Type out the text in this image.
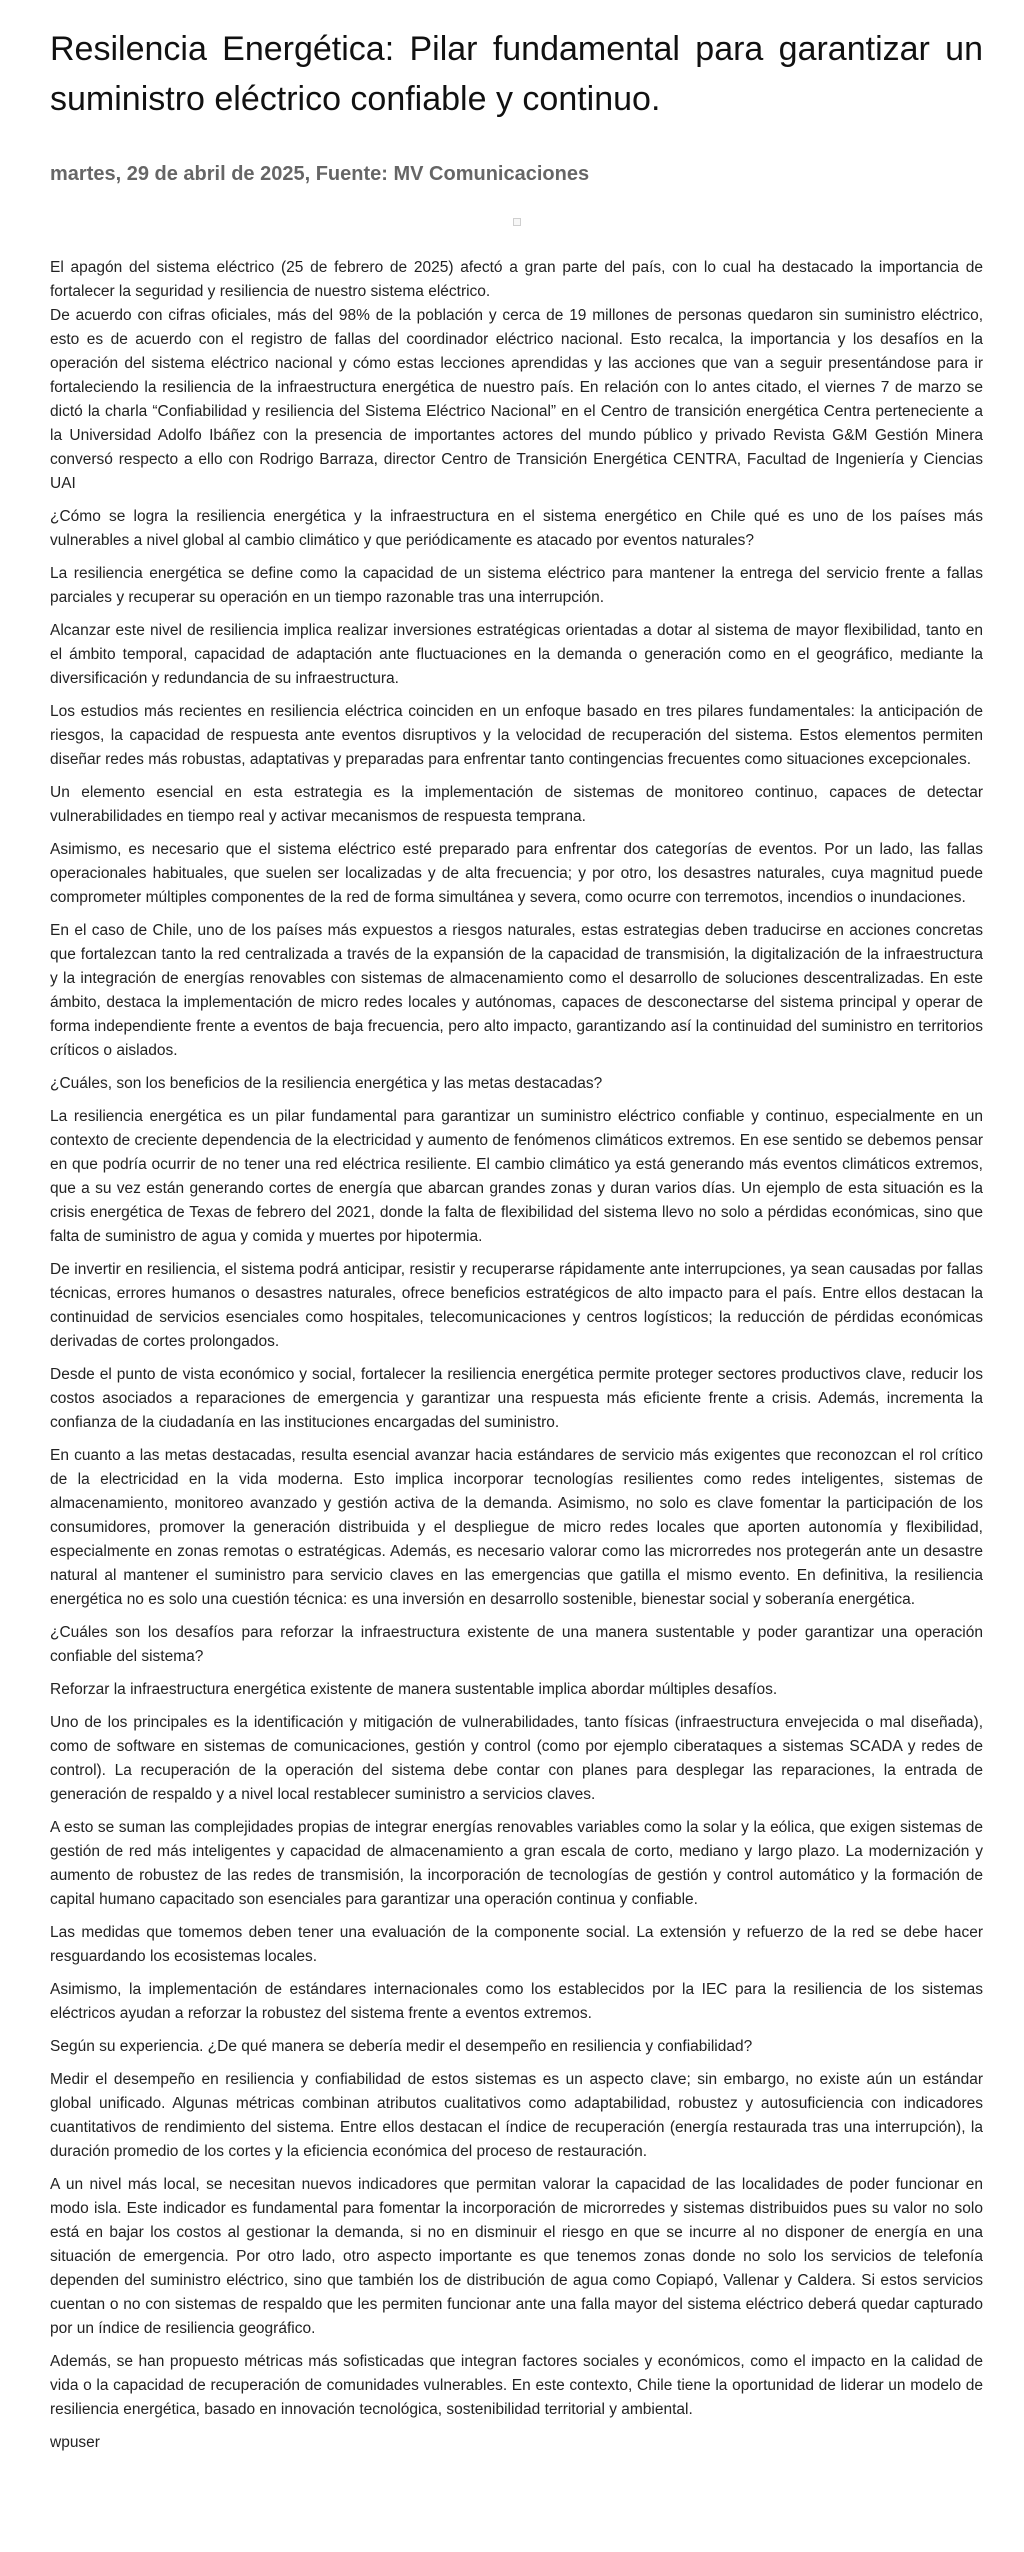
Resilencia Energética: Pilar fundamental para garantizar un suministro eléctrico confiable y continuo.
martes, 29 de abril de 2025, Fuente: MV Comunicaciones

El apagón del sistema eléctrico (25 de febrero de 2025) afectó a gran parte del país, con lo cual ha destacado la importancia de fortalecer la seguridad y resiliencia de nuestro sistema eléctrico.

De acuerdo con cifras oficiales, más del 98% de la población y cerca de 19 millones de personas quedaron sin suministro eléctrico, esto es de acuerdo con el registro de fallas del coordinador eléctrico nacional. Esto recalca, la importancia y los desafíos en la operación del sistema eléctrico nacional y cómo estas lecciones aprendidas y las acciones que van a seguir presentándose para ir fortaleciendo la resiliencia de la infraestructura energética de nuestro país. En relación con lo antes citado, el viernes 7 de marzo se dictó la charla “Confiabilidad y resiliencia del Sistema Eléctrico Nacional” en el Centro de transición energética Centra perteneciente a la Universidad Adolfo Ibáñez con la presencia de importantes actores del mundo público y privado Revista G&M Gestión Minera conversó respecto a ello con Rodrigo Barraza, director Centro de Transición Energética CENTRA, Facultad de Ingeniería y Ciencias UAI

¿Cómo se logra la resiliencia energética y la infraestructura en el sistema energético en Chile qué es uno de los países más vulnerables a nivel global al cambio climático y que periódicamente es atacado por eventos naturales?

La resiliencia energética se define como la capacidad de un sistema eléctrico para mantener la entrega del servicio frente a fallas parciales y recuperar su operación en un tiempo razonable tras una interrupción.

Alcanzar este nivel de resiliencia implica realizar inversiones estratégicas orientadas a dotar al sistema de mayor flexibilidad, tanto en el ámbito temporal, capacidad de adaptación ante fluctuaciones en la demanda o generación como en el geográfico, mediante la diversificación y redundancia de su infraestructura.

Los estudios más recientes en resiliencia eléctrica coinciden en un enfoque basado en tres pilares fundamentales: la anticipación de riesgos, la capacidad de respuesta ante eventos disruptivos y la velocidad de recuperación del sistema. Estos elementos permiten diseñar redes más robustas, adaptativas y preparadas para enfrentar tanto contingencias frecuentes como situaciones excepcionales.

Un elemento esencial en esta estrategia es la implementación de sistemas de monitoreo continuo, capaces de detectar vulnerabilidades en tiempo real y activar mecanismos de respuesta temprana.

Asimismo, es necesario que el sistema eléctrico esté preparado para enfrentar dos categorías de eventos. Por un lado, las fallas operacionales habituales, que suelen ser localizadas y de alta frecuencia; y por otro, los desastres naturales, cuya magnitud puede comprometer múltiples componentes de la red de forma simultánea y severa, como ocurre con terremotos, incendios o inundaciones.

En el caso de Chile, uno de los países más expuestos a riesgos naturales, estas estrategias deben traducirse en acciones concretas que fortalezcan tanto la red centralizada a través de la expansión de la capacidad de transmisión, la digitalización de la infraestructura y la integración de energías renovables con sistemas de almacenamiento como el desarrollo de soluciones descentralizadas. En este ámbito, destaca la implementación de micro redes locales y autónomas, capaces de desconectarse del sistema principal y operar de forma independiente frente a eventos de baja frecuencia, pero alto impacto, garantizando así la continuidad del suministro en territorios críticos o aislados.

¿Cuáles, son los beneficios de la resiliencia energética y las metas destacadas?

La resiliencia energética es un pilar fundamental para garantizar un suministro eléctrico confiable y continuo, especialmente en un contexto de creciente dependencia de la electricidad y aumento de fenómenos climáticos extremos. En ese sentido se debemos pensar en que podría ocurrir de no tener una red eléctrica resiliente. El cambio climático ya está generando más eventos climáticos extremos, que a su vez están generando cortes de energía que abarcan grandes zonas y duran varios días. Un ejemplo de esta situación es la crisis energética de Texas de febrero del 2021, donde la falta de flexibilidad del sistema llevo no solo a pérdidas económicas, sino que falta de suministro de agua y comida y muertes por hipotermia.

De invertir en resiliencia, el sistema podrá anticipar, resistir y recuperarse rápidamente ante interrupciones, ya sean causadas por fallas técnicas, errores humanos o desastres naturales, ofrece beneficios estratégicos de alto impacto para el país. Entre ellos destacan la continuidad de servicios esenciales como hospitales, telecomunicaciones y centros logísticos; la reducción de pérdidas económicas derivadas de cortes prolongados.

Desde el punto de vista económico y social, fortalecer la resiliencia energética permite proteger sectores productivos clave, reducir los costos asociados a reparaciones de emergencia y garantizar una respuesta más eficiente frente a crisis. Además, incrementa la confianza de la ciudadanía en las instituciones encargadas del suministro.

En cuanto a las metas destacadas, resulta esencial avanzar hacia estándares de servicio más exigentes que reconozcan el rol crítico de la electricidad en la vida moderna. Esto implica incorporar tecnologías resilientes como redes inteligentes, sistemas de almacenamiento, monitoreo avanzado y gestión activa de la demanda. Asimismo, no solo es clave fomentar la participación de los consumidores, promover la generación distribuida y el despliegue de micro redes locales que aporten autonomía y flexibilidad, especialmente en zonas remotas o estratégicas. Además, es necesario valorar como las microrredes nos protegerán ante un desastre natural al mantener el suministro para servicio claves en las emergencias que gatilla el mismo evento. En definitiva, la resiliencia energética no es solo una cuestión técnica: es una inversión en desarrollo sostenible, bienestar social y soberanía energética.

¿Cuáles son los desafíos para reforzar la infraestructura existente de una manera sustentable y poder garantizar una operación confiable del sistema?

Reforzar la infraestructura energética existente de manera sustentable implica abordar múltiples desafíos.

Uno de los principales es la identificación y mitigación de vulnerabilidades, tanto físicas (infraestructura envejecida o mal diseñada), como de software en sistemas de comunicaciones, gestión y control (como por ejemplo ciberataques a sistemas SCADA y redes de control). La recuperación de la operación del sistema debe contar con planes para desplegar las reparaciones, la entrada de generación de respaldo y a nivel local restablecer suministro a servicios claves.

A esto se suman las complejidades propias de integrar energías renovables variables como la solar y la eólica, que exigen sistemas de gestión de red más inteligentes y capacidad de almacenamiento a gran escala de corto, mediano y largo plazo. La modernización y aumento de robustez de las redes de transmisión, la incorporación de tecnologías de gestión y control automático y la formación de capital humano capacitado son esenciales para garantizar una operación continua y confiable.

Las medidas que tomemos deben tener una evaluación de la componente social. La extensión y refuerzo de la red se debe hacer resguardando los ecosistemas locales.

Asimismo, la implementación de estándares internacionales como los establecidos por la IEC para la resiliencia de los sistemas eléctricos ayudan a reforzar la robustez del sistema frente a eventos extremos.

Según su experiencia. ¿De qué manera se debería medir el desempeño en resiliencia y confiabilidad?

Medir el desempeño en resiliencia y confiabilidad de estos sistemas es un aspecto clave; sin embargo, no existe aún un estándar global unificado. Algunas métricas combinan atributos cualitativos como adaptabilidad, robustez y autosuficiencia con indicadores cuantitativos de rendimiento del sistema. Entre ellos destacan el índice de recuperación (energía restaurada tras una interrupción), la duración promedio de los cortes y la eficiencia económica del proceso de restauración.

A un nivel más local, se necesitan nuevos indicadores que permitan valorar la capacidad de las localidades de poder funcionar en modo isla. Este indicador es fundamental para fomentar la incorporación de microrredes y sistemas distribuidos pues su valor no solo está en bajar los costos al gestionar la demanda, si no en disminuir el riesgo en que se incurre al no disponer de energía en una situación de emergencia. Por otro lado, otro aspecto importante es que tenemos zonas donde no solo los servicios de telefonía dependen del suministro eléctrico, sino que también los de distribución de agua como Copiapó, Vallenar y Caldera. Si estos servicios cuentan o no con sistemas de respaldo que les permiten funcionar ante una falla mayor del sistema eléctrico deberá quedar capturado por un índice de resiliencia geográfico.

Además, se han propuesto métricas más sofisticadas que integran factores sociales y económicos, como el impacto en la calidad de vida o la capacidad de recuperación de comunidades vulnerables. En este contexto, Chile tiene la oportunidad de liderar un modelo de resiliencia energética, basado en innovación tecnológica, sostenibilidad territorial y ambiental.

wpuser
